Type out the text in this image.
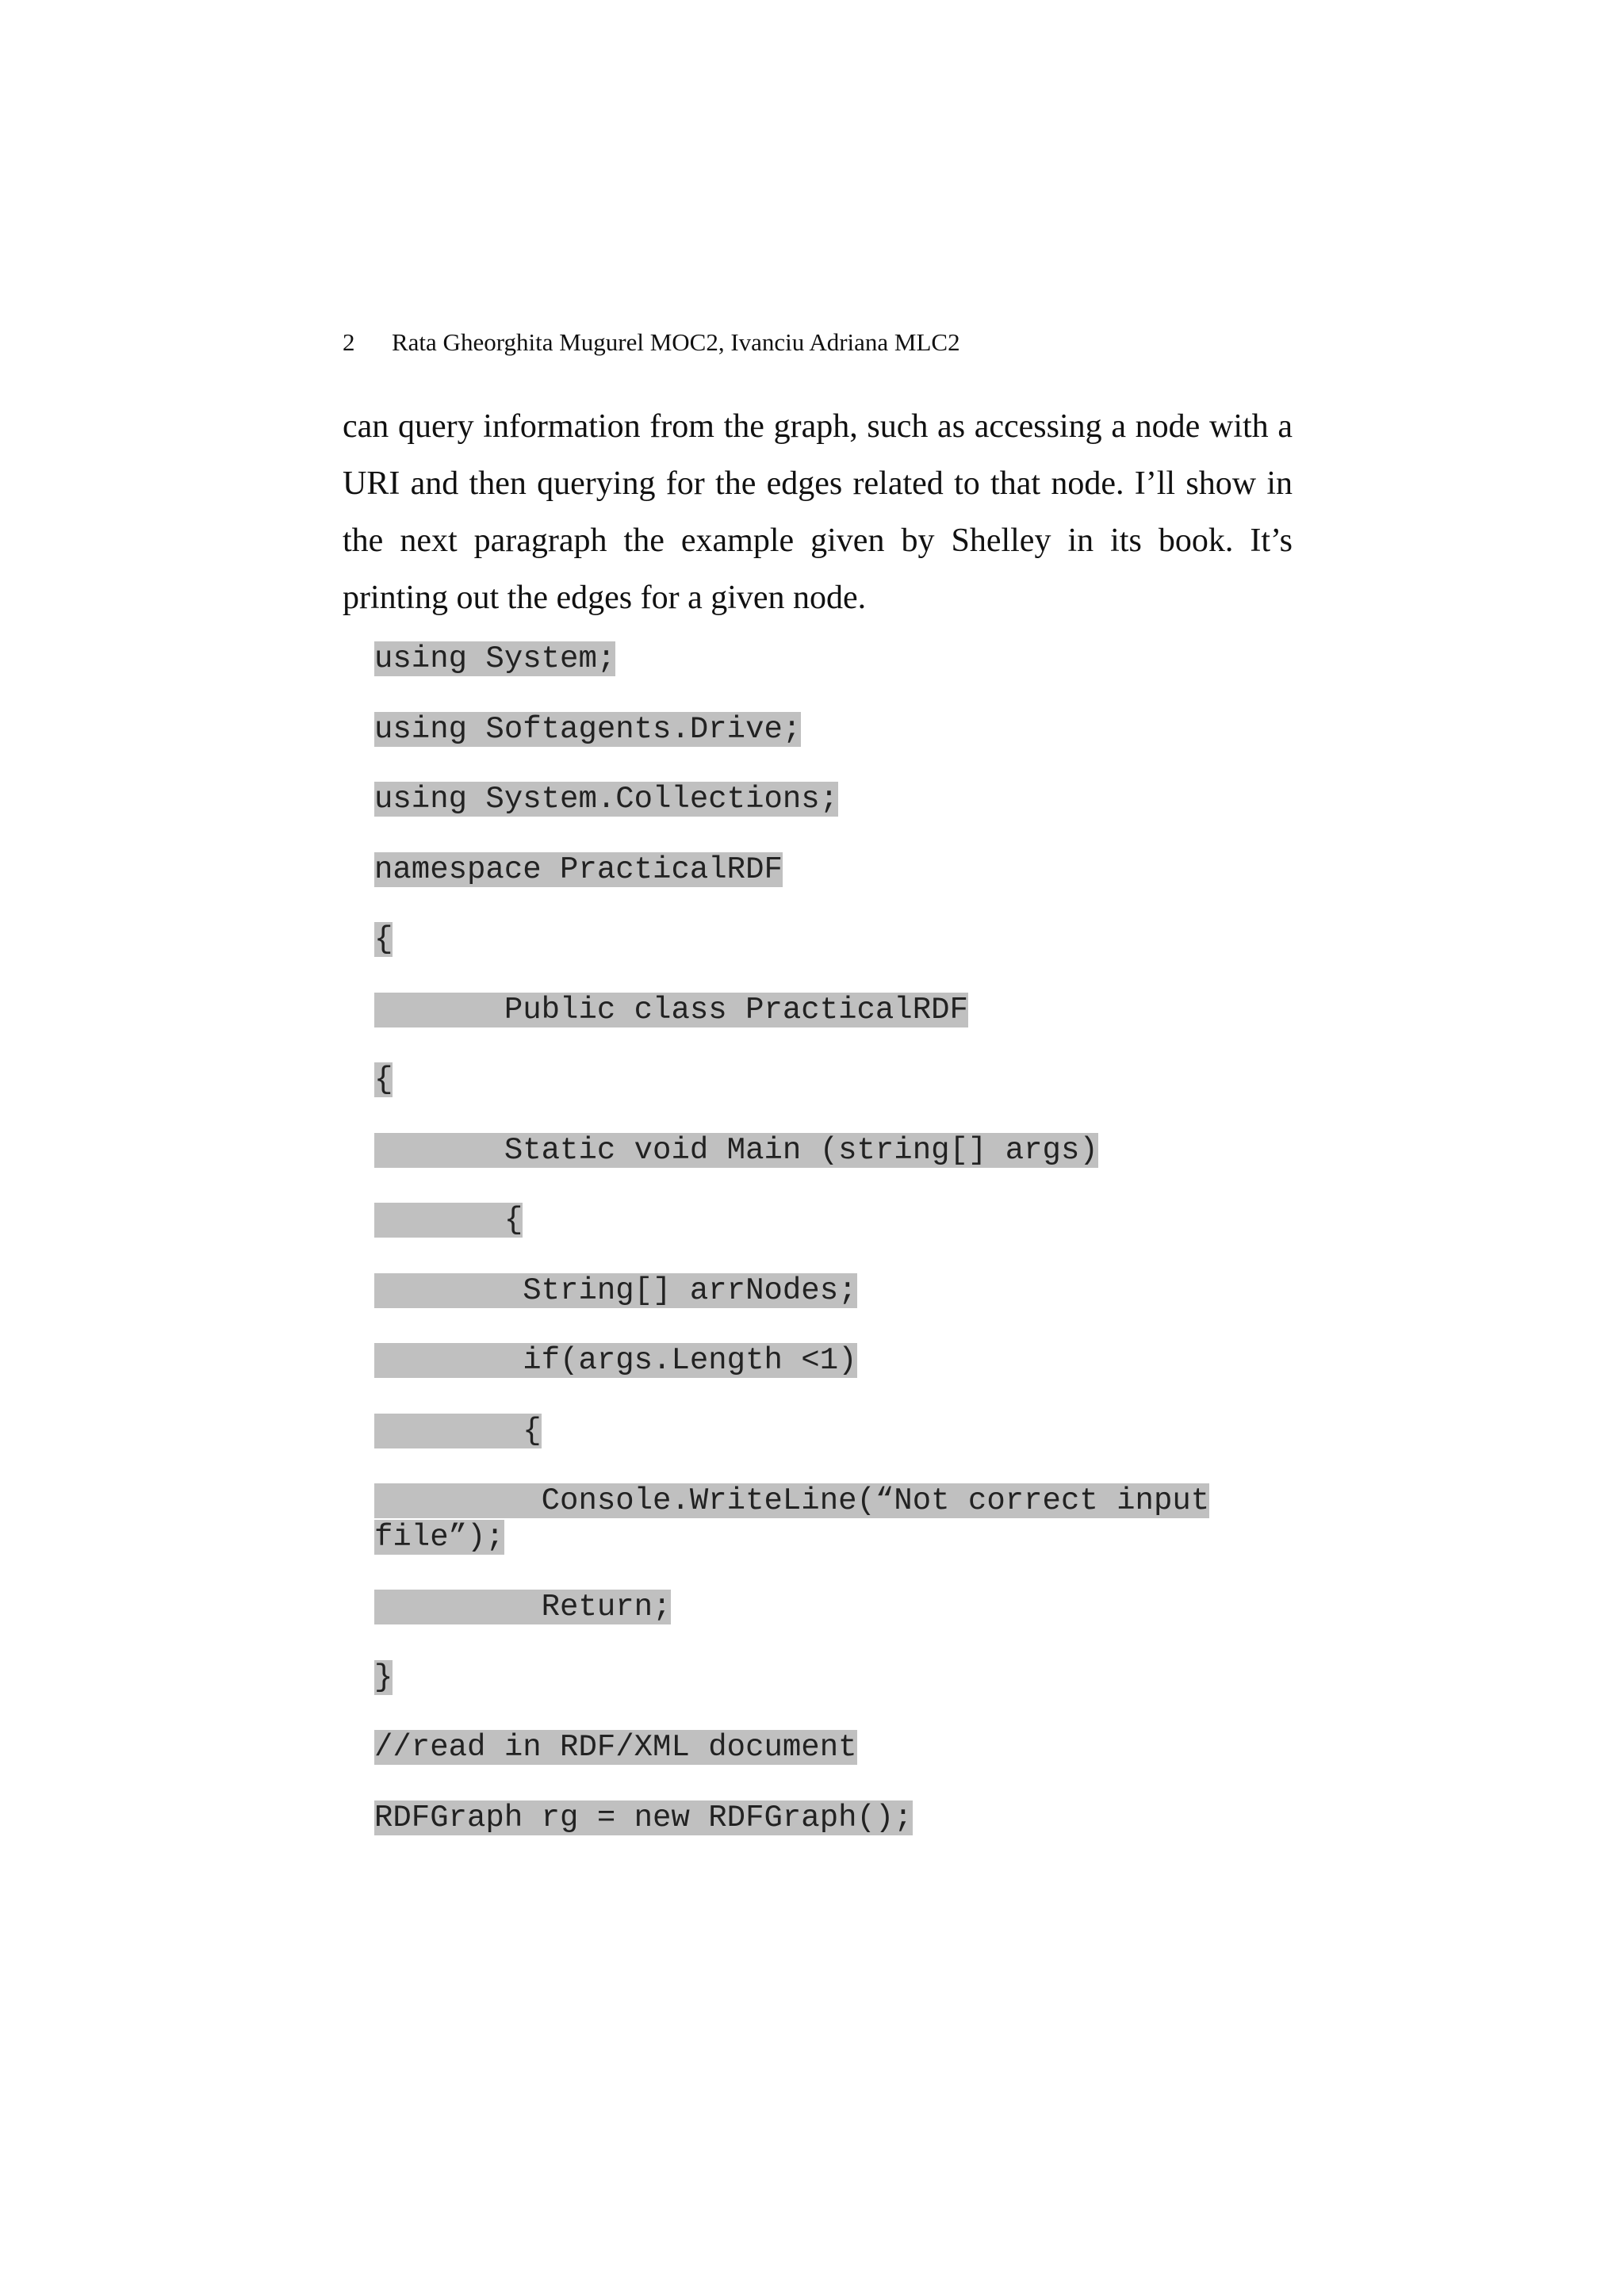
2 Rata Gheorghita Mugurel MOC2, Ivanciu Adriana MLC2

can query information from the graph, such as accessing a node with a URI and then querying for the edges related to that node. I’ll show in the next paragraph the example given by Shelley in its book. It’s printing out the edges for a given node.

using System;
using Softagents.Drive;
using System.Collections;
namespace PracticalRDF
{
Public class PracticalRDF
{
Static void Main (string[] args)
{
String[] arrNodes;
if(args.Length <1)
{
Console.WriteLine(“Not correct input
file”);
Return;
}
//read in RDF/XML document
RDFGraph rg = new RDFGraph();
